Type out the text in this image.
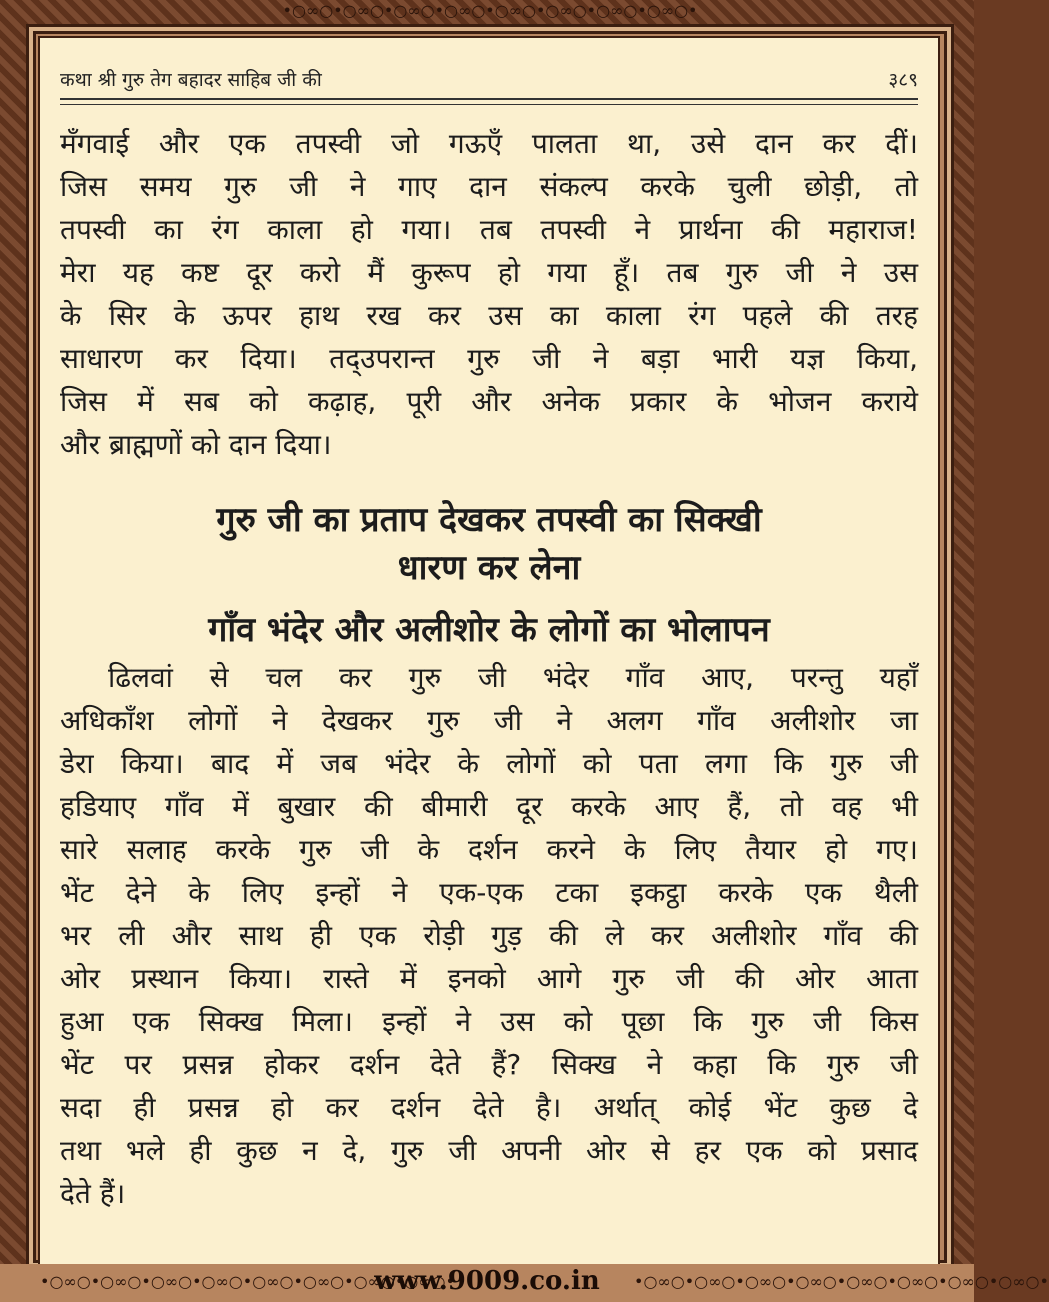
•○∞○•○∞○•○∞○•○∞○•○∞○•○∞○•○∞○•○∞○•
कथा श्री गुरु तेग बहादर साहिब जी की	३८९
मँगवाई और एक तपस्वी जो गऊएँ पालता था, उसे दान कर दीं।
जिस समय गुरु जी ने गाए दान संकल्प करके चुली छोड़ी, तो
तपस्वी का रंग काला हो गया। तब तपस्वी ने प्रार्थना की महाराज!
मेरा यह कष्ट दूर करो मैं कुरूप हो गया हूँ। तब गुरु जी ने उस
के सिर के ऊपर हाथ रख कर उस का काला रंग पहले की तरह
साधारण कर दिया। तद्उपरान्त गुरु जी ने बड़ा भारी यज्ञ किया,
जिस में सब को कढ़ाह, पूरी और अनेक प्रकार के भोजन कराये
और ब्राह्मणों को दान दिया।
गुरु जी का प्रताप देखकर तपस्वी का सिक्खी
धारण कर लेना
गाँव भंदेर और अलीशोर के लोगों का भोलापन
ढिलवां से चल कर गुरु जी भंदेर गाँव आए, परन्तु यहाँ
अधिकाँश लोगों ने देखकर गुरु जी ने अलग गाँव अलीशोर जा
डेरा किया। बाद में जब भंदेर के लोगों को पता लगा कि गुरु जी
हडियाए गाँव में बुखार की बीमारी दूर करके आए हैं, तो वह भी
सारे सलाह करके गुरु जी के दर्शन करने के लिए तैयार हो गए।
भेंट देने के लिए इन्हों ने एक-एक टका इकट्ठा करके एक थैली
भर ली और साथ ही एक रोड़ी गुड़ की ले कर अलीशोर गाँव की
ओर प्रस्थान किया। रास्ते में इनको आगे गुरु जी की ओर आता
हुआ एक सिक्ख मिला। इन्हों ने उस को पूछा कि गुरु जी किस
भेंट पर प्रसन्न होकर दर्शन देते हैं? सिक्ख ने कहा कि गुरु जी
सदा ही प्रसन्न हो कर दर्शन देते है। अर्थात् कोई भेंट कुछ दे
तथा भले ही कुछ न दे, गुरु जी अपनी ओर से हर एक को प्रसाद
देते हैं।
•○∞○•○∞○•○∞○•○∞○•○∞○•○∞○•○∞○•○∞○•
www.9009.co.in	•○∞○•○∞○•○∞○•○∞○•○∞○•○∞○•○∞○•○∞○•
